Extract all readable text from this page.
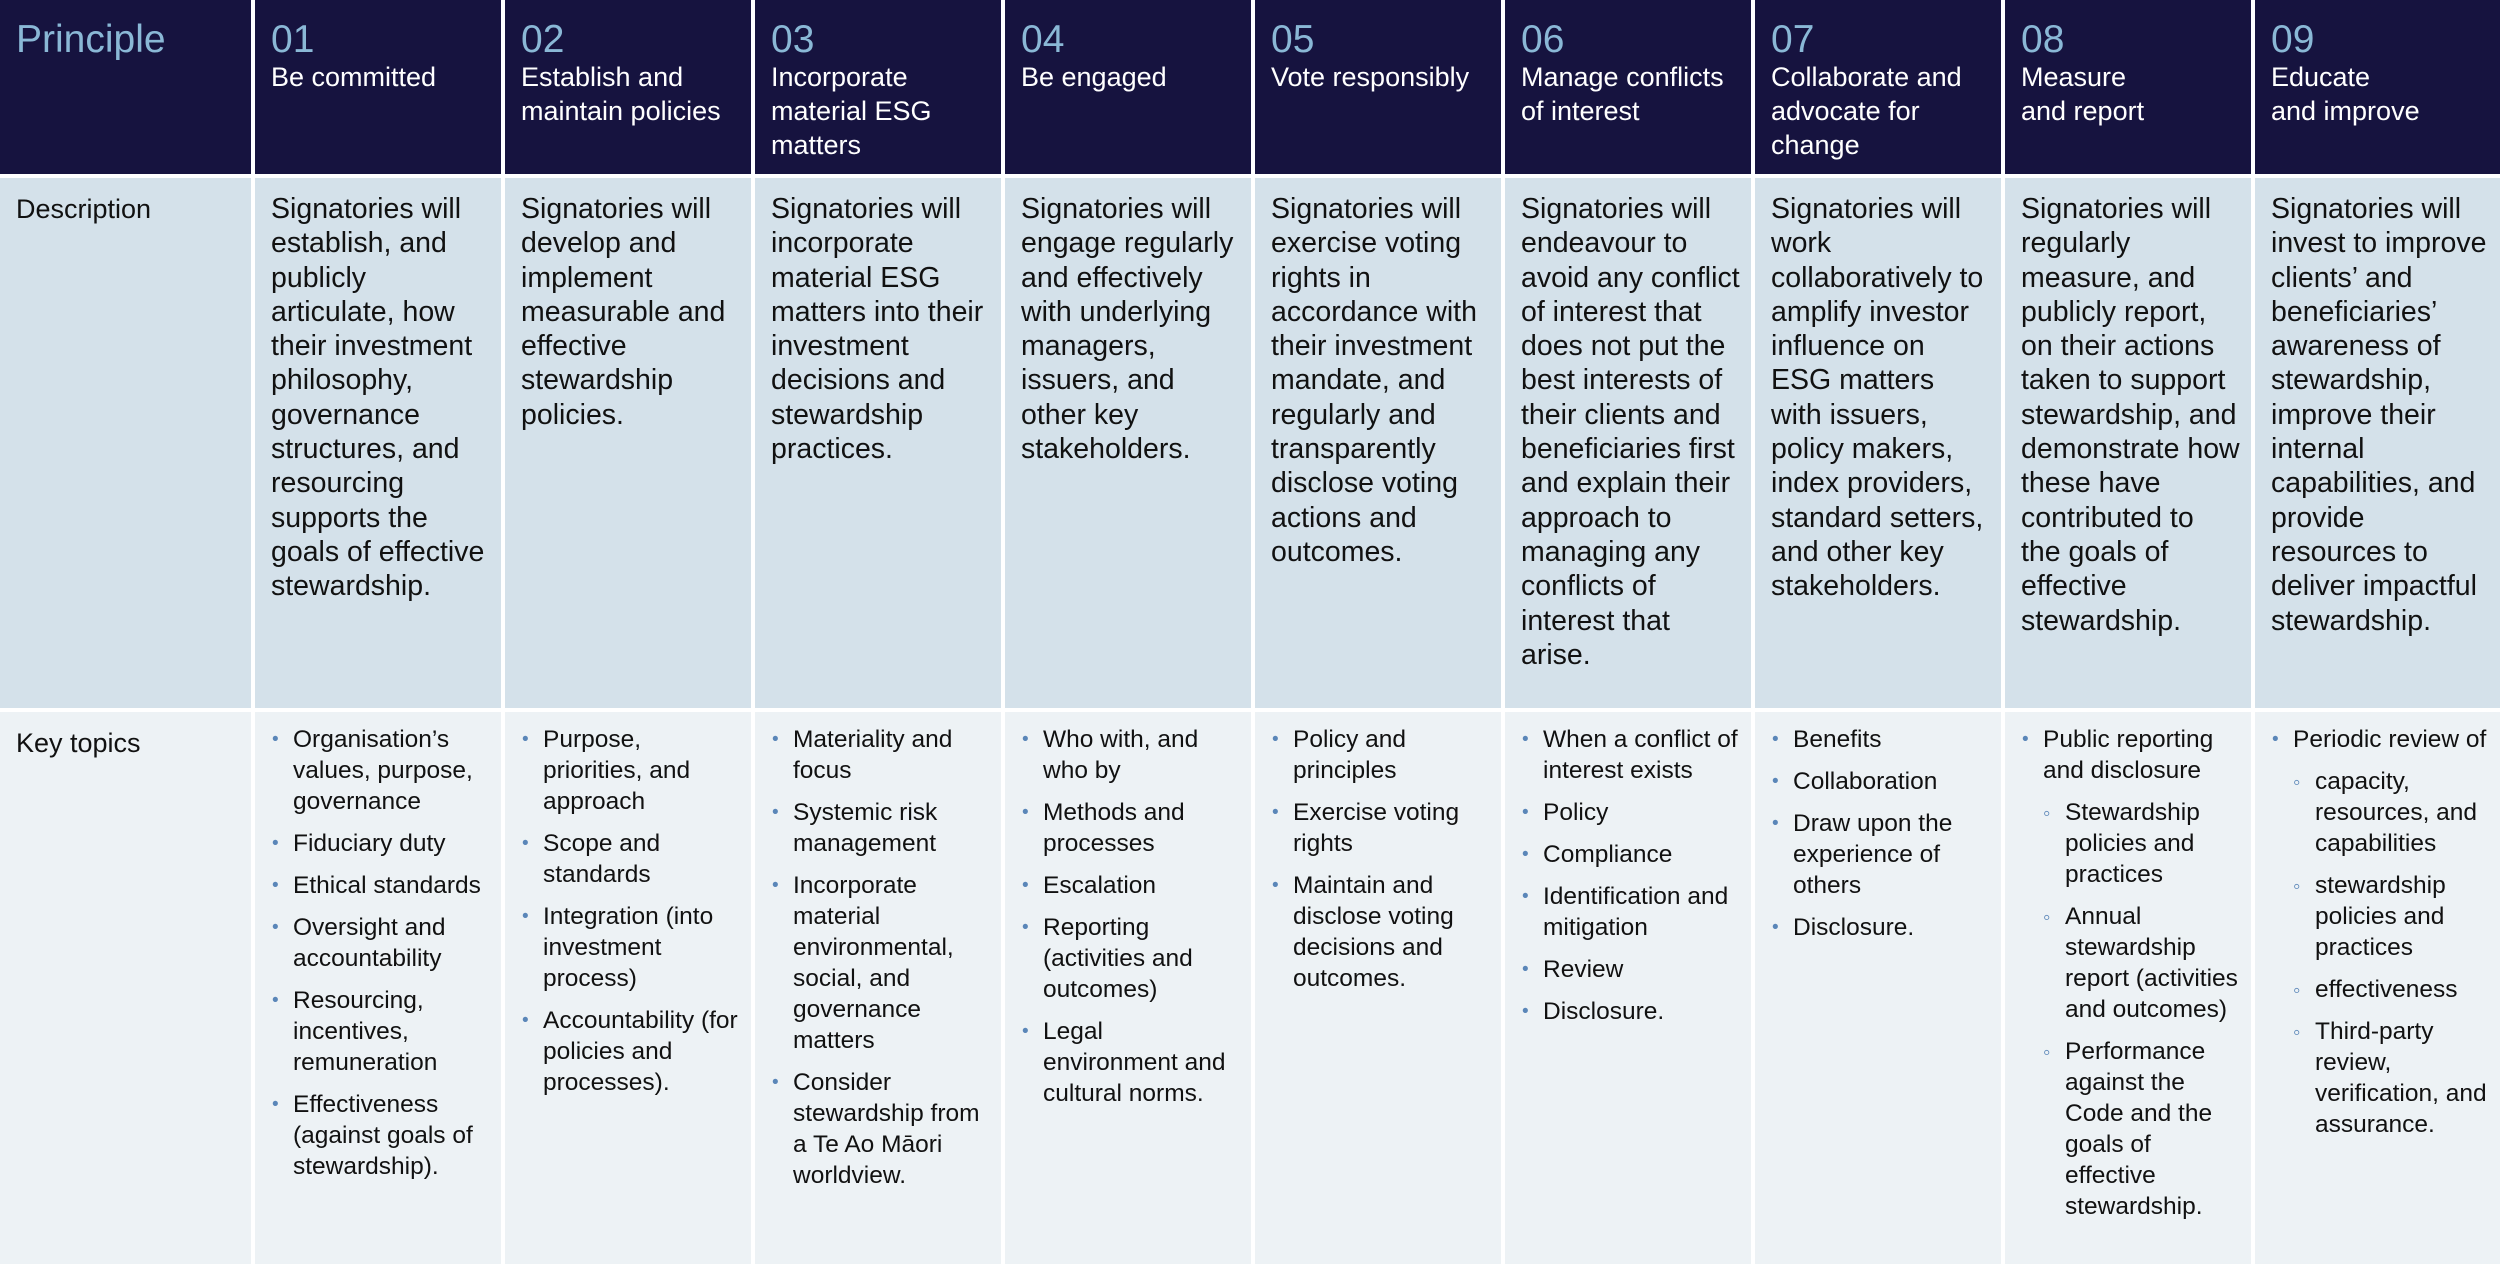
Principle
Description
Key topics
01
Be committed
Signatories will establish, and publicly articulate, how their investment philosophy, governance structures, and resourcing supports the goals of effective stewardship.
• Organisation’s values, purpose, governance
• Fiduciary duty
• Ethical standards
• Oversight and accountability
• Resourcing, incentives, remuneration
• Effectiveness (against goals of stewardship).
02
Establish and maintain policies
Signatories will develop and implement measurable and effective stewardship policies.
• Purpose, priorities, and approach
• Scope and standards
• Integration (into investment process)
• Accountability (for policies and processes).
03
Incorporate material ESG matters
Signatories will incorporate material ESG matters into their investment decisions and stewardship practices.
• Materiality and focus
• Systemic risk management
• Incorporate material environmental, social, and governance matters
• Consider stewardship from a Te Ao Māori worldview.
04
Be engaged
Signatories will engage regularly and effectively with underlying managers, issuers, and other key stakeholders.
• Who with, and who by
• Methods and processes
• Escalation
• Reporting (activities and outcomes)
• Legal environment and cultural norms.
05
Vote responsibly
Signatories will exercise voting rights in accordance with their investment mandate, and regularly and transparently disclose voting actions and outcomes.
• Policy and principles
• Exercise voting rights
• Maintain and disclose voting decisions and outcomes.
06
Manage conflicts of interest
Signatories will endeavour to avoid any conflict of interest that does not put the best interests of their clients and beneficiaries first and explain their approach to managing any conflicts of interest that arise.
• When a conflict of interest exists
• Policy
• Compliance
• Identification and mitigation
• Review
• Disclosure.
07
Collaborate and advocate for change
Signatories will work collaboratively to amplify investor influence on ESG matters with issuers, policy makers, index providers, standard setters, and other key stakeholders.
• Benefits
• Collaboration
• Draw upon the experience of others
• Disclosure.
08
Measure
and report
Signatories will regularly measure, and publicly report, on their actions taken to support stewardship, and demonstrate how these have contributed to the goals of effective stewardship.
• Public reporting and disclosure
◦ Stewardship policies and practices
◦ Annual stewardship report (activities and outcomes)
◦ Performance against the Code and the goals of effective stewardship.
09
Educate
and improve
Signatories will invest to improve clients’ and beneficiaries’ awareness of stewardship, improve their internal capabilities, and provide resources to deliver impactful stewardship.
• Periodic review of
◦ capacity, resources, and capabilities
◦ stewardship policies and practices
◦ effectiveness
◦ Third-party review, verification, and assurance.
